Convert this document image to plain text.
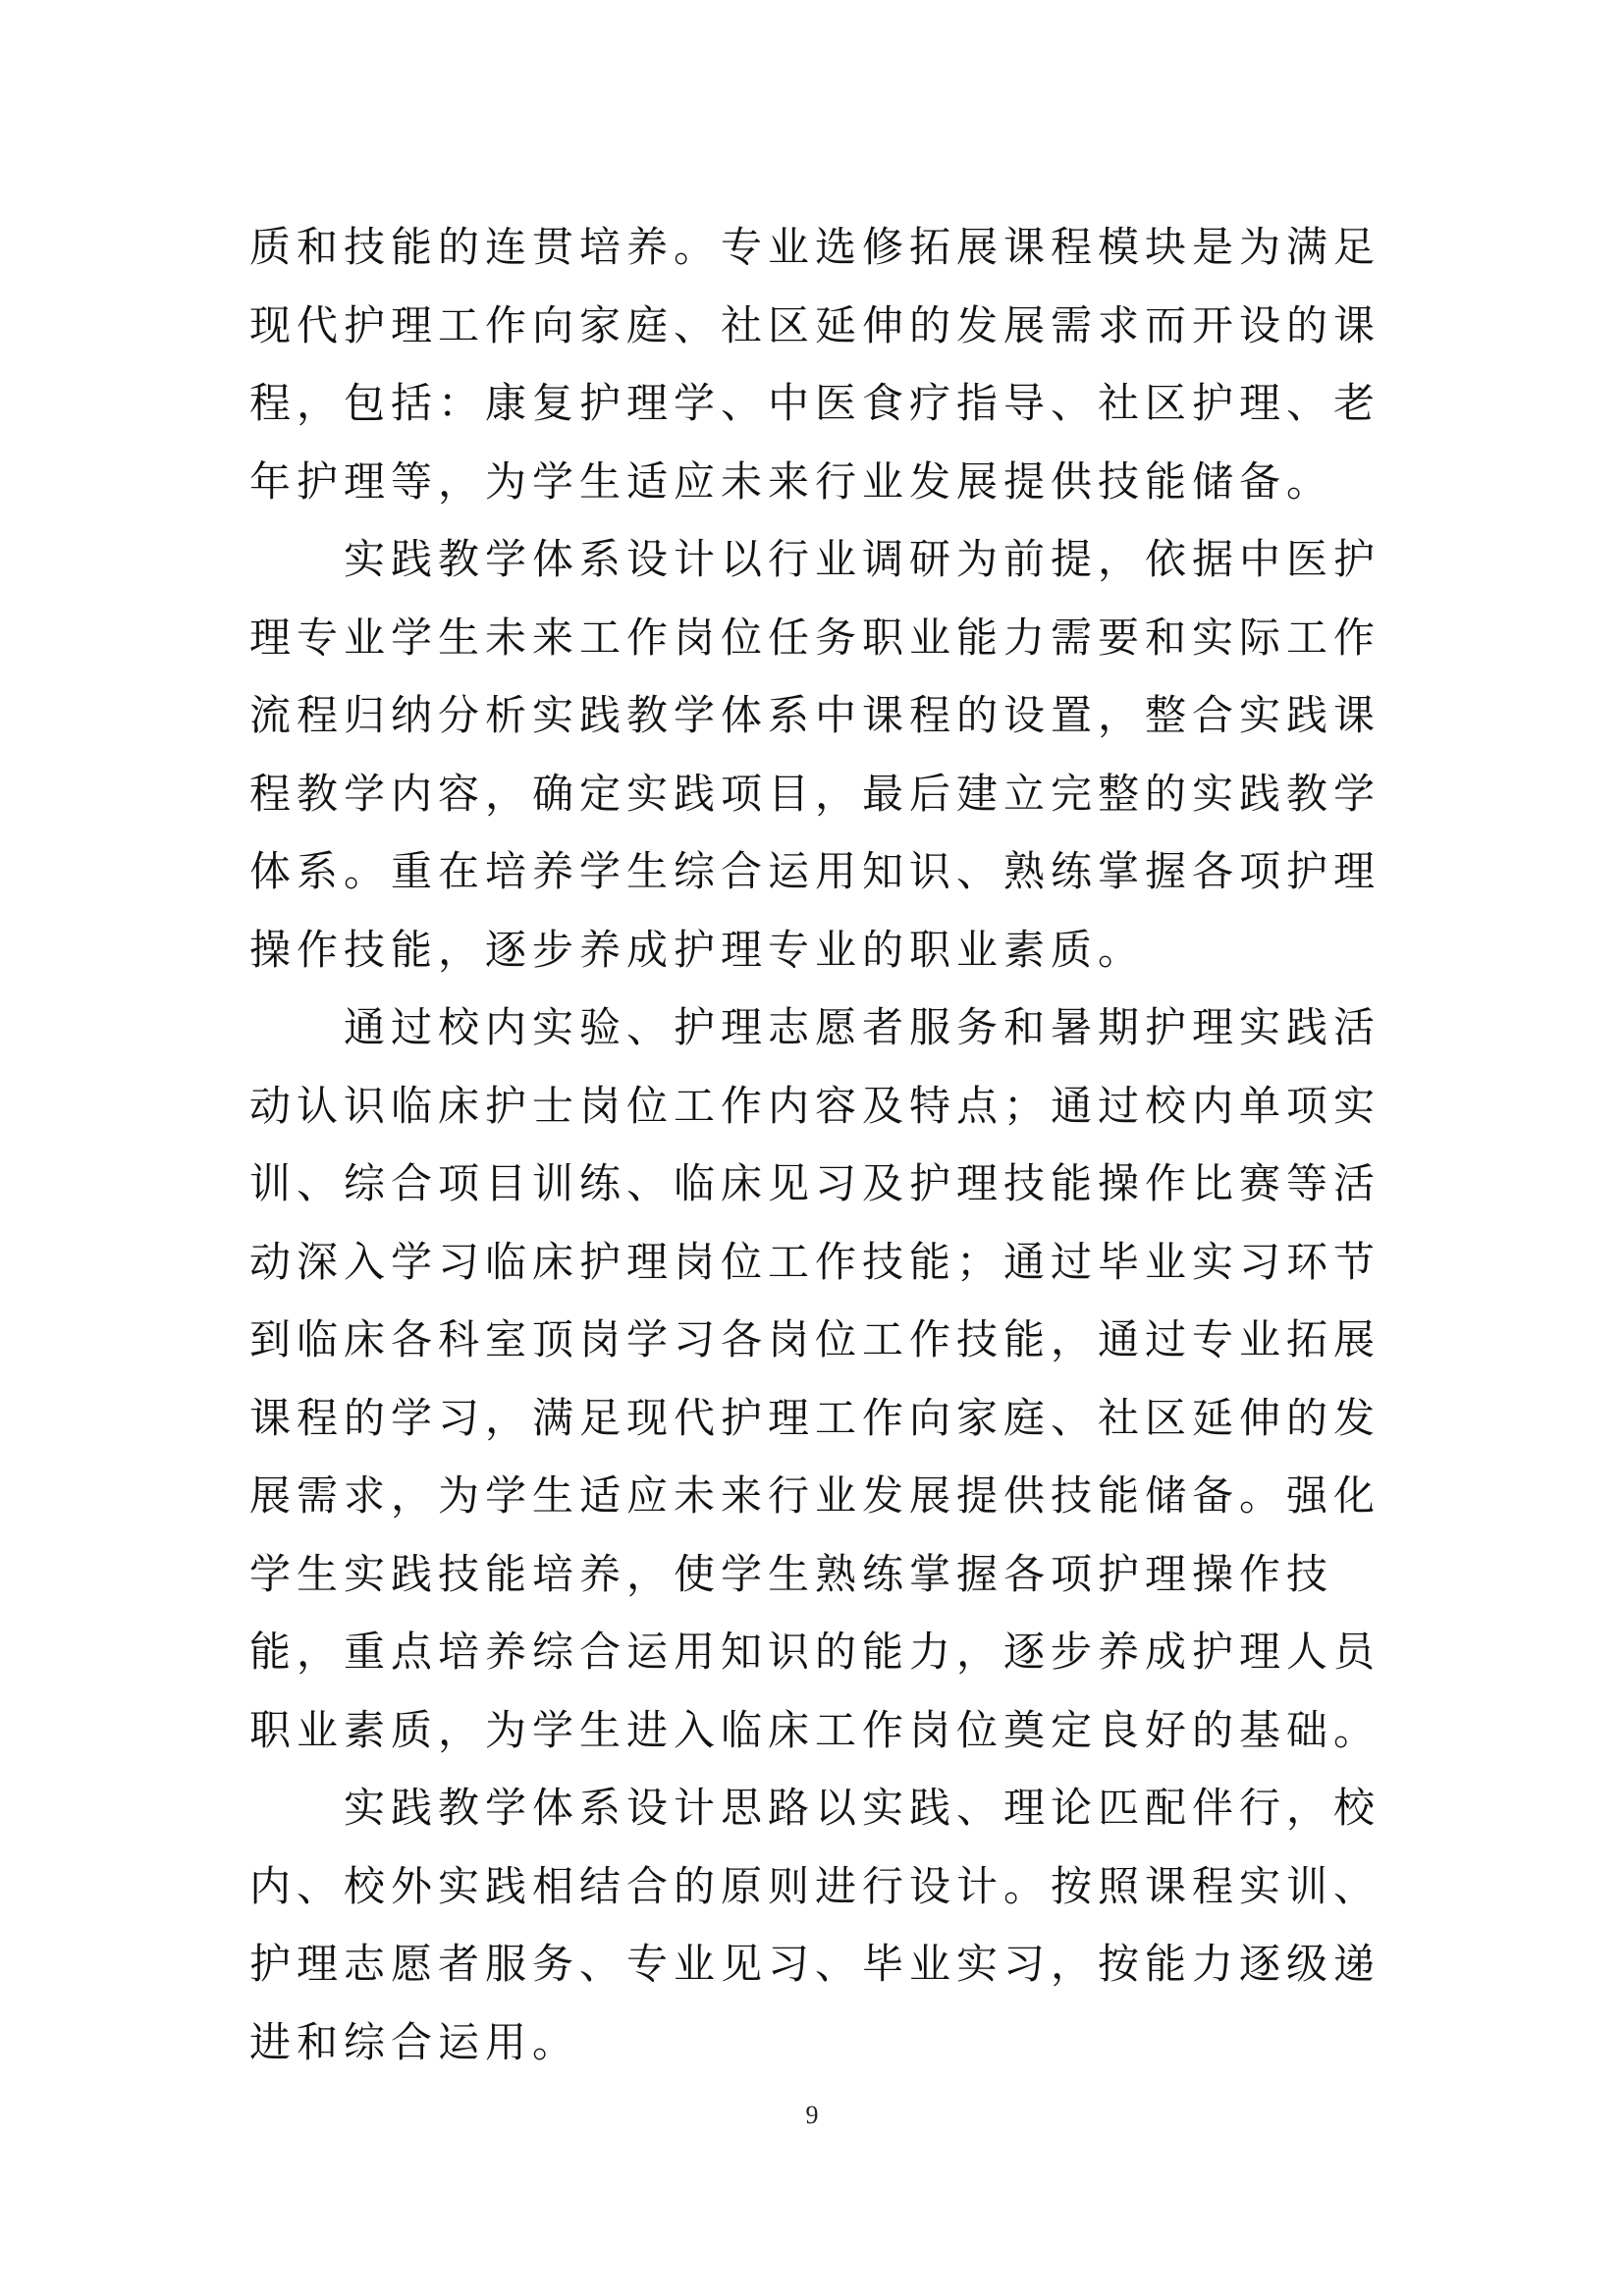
质和技能的连贯培养。专业选修拓展课程模块是为满足现代护理工作向家庭、社区延伸的发展需求而开设的课程，包括：康复护理学、中医食疗指导、社区护理、老年护理等，为学生适应未来行业发展提供技能储备。

实践教学体系设计以行业调研为前提，依据中医护理专业学生未来工作岗位任务职业能力需要和实际工作流程归纳分析实践教学体系中课程的设置，整合实践课程教学内容，确定实践项目，最后建立完整的实践教学体系。重在培养学生综合运用知识、熟练掌握各项护理操作技能，逐步养成护理专业的职业素质。

通过校内实验、护理志愿者服务和暑期护理实践活动认识临床护士岗位工作内容及特点；通过校内单项实训、综合项目训练、临床见习及护理技能操作比赛等活动深入学习临床护理岗位工作技能；通过毕业实习环节到临床各科室顶岗学习各岗位工作技能，通过专业拓展课程的学习，满足现代护理工作向家庭、社区延伸的发展需求，为学生适应未来行业发展提供技能储备。强化学生实践技能培养，使学生熟练掌握各项护理操作技能，重点培养综合运用知识的能力，逐步养成护理人员职业素质，为学生进入临床工作岗位奠定良好的基础。

实践教学体系设计思路以实践、理论匹配伴行，校内、校外实践相结合的原则进行设计。按照课程实训、护理志愿者服务、专业见习、毕业实习，按能力逐级递进和综合运用。

9
